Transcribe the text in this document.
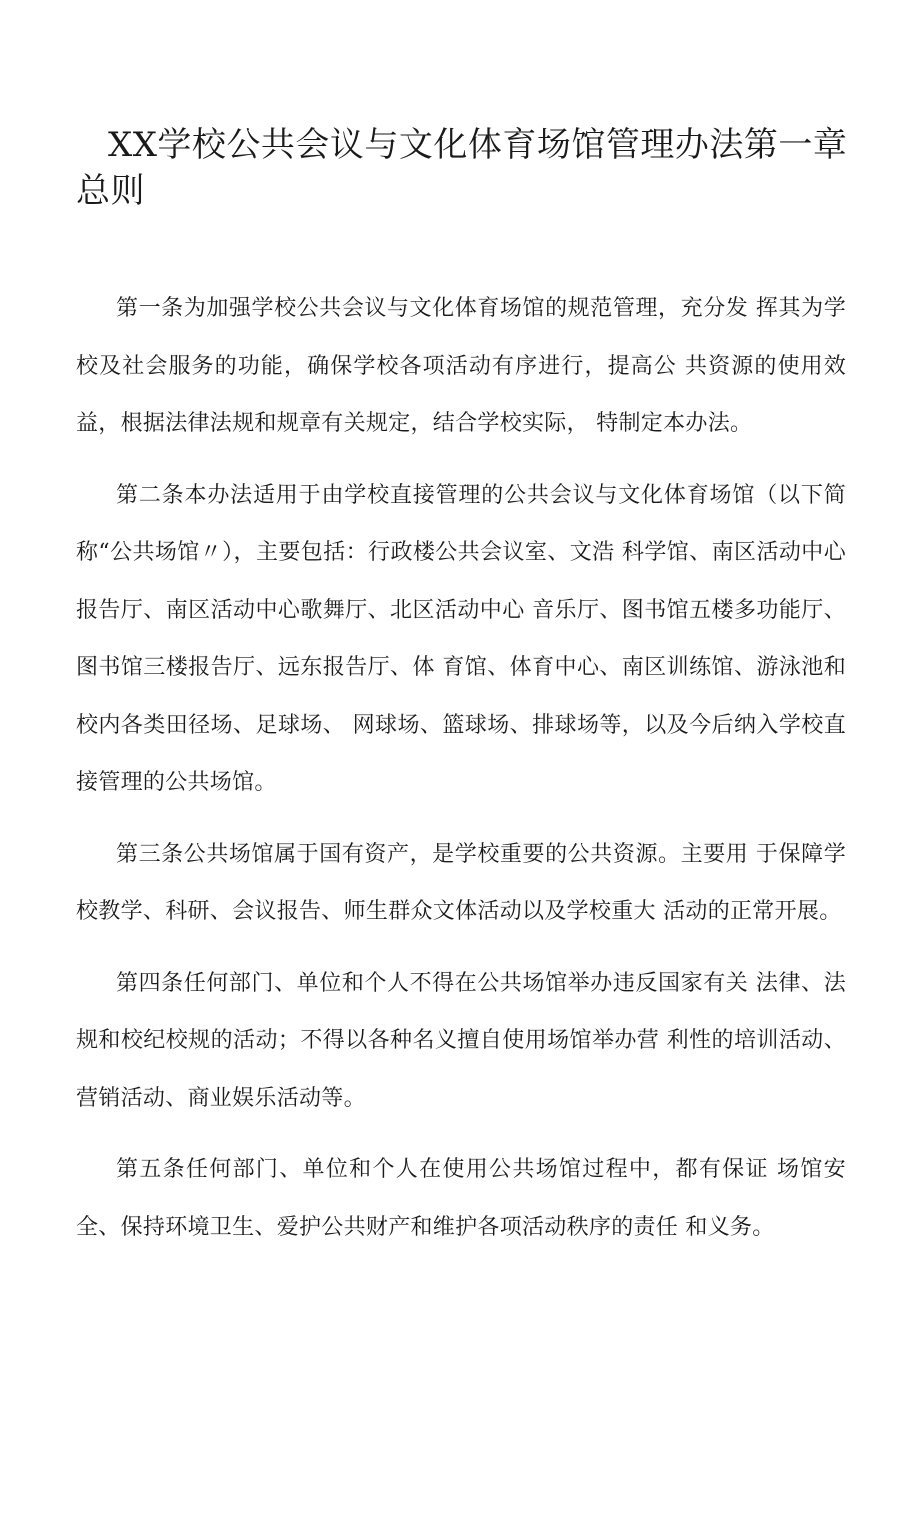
XX学校公共会议与文化体育场馆管理办法第一章总则

第一条为加强学校公共会议与文化体育场馆的规范管理，充分发 挥其为学校及社会服务的功能，确保学校各项活动有序进行，提高公 共资源的使用效益，根据法律法规和规章有关规定，结合学校实际， 特制定本办法。

第二条本办法适用于由学校直接管理的公共会议与文化体育场馆（以下简称“公共场馆〃），主要包括：行政楼公共会议室、文浩 科学馆、南区活动中心报告厅、南区活动中心歌舞厅、北区活动中心 音乐厅、图书馆五楼多功能厅、图书馆三楼报告厅、远东报告厅、体 育馆、体育中心、南区训练馆、游泳池和校内各类田径场、足球场、 网球场、篮球场、排球场等，以及今后纳入学校直接管理的公共场馆。

第三条公共场馆属于国有资产，是学校重要的公共资源。主要用 于保障学校教学、科研、会议报告、师生群众文体活动以及学校重大 活动的正常开展。

第四条任何部门、单位和个人不得在公共场馆举办违反国家有关 法律、法规和校纪校规的活动；不得以各种名义擅自使用场馆举办营 利性的培训活动、营销活动、商业娱乐活动等。

第五条任何部门、单位和个人在使用公共场馆过程中，都有保证 场馆安全、保持环境卫生、爱护公共财产和维护各项活动秩序的责任 和义务。
